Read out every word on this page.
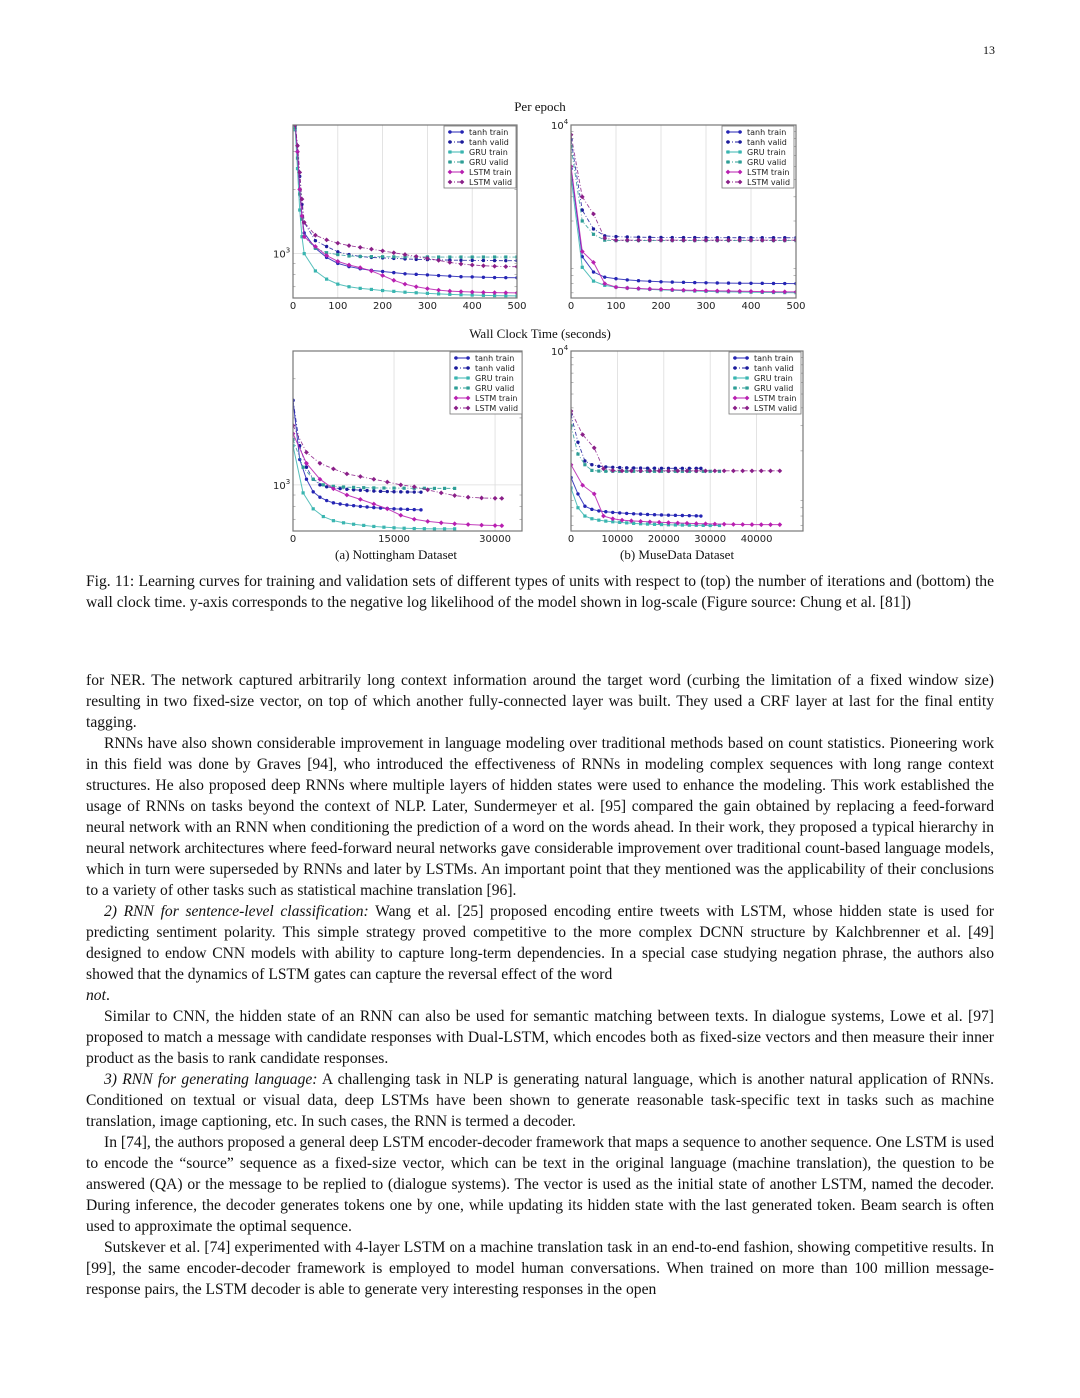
13
Per epoch
Wall Clock Time (seconds)
0	100	200	300	400	500
$10^3$
tanh train
tanh valid
GRU train
GRU valid
LSTM train
LSTM valid
0	100	200	300	400	500
$10^4$
tanh train
tanh valid
GRU train
GRU valid
LSTM train
LSTM valid
0	15000	30000
$10^3$
tanh train
tanh valid
GRU train
GRU valid
LSTM train
LSTM valid
0	10000 20000 30000 40000
$10^4$
tanh train
tanh valid
GRU train
GRU valid
LSTM train
LSTM valid
(a) Nottingham Dataset	(b) MuseData Dataset
Fig. 11: Learning curves for training and validation sets of different types of units with respect to (top) the number of iterations and (bottom) the wall clock time. y-axis corresponds to the negative log likelihood of the model shown in log-scale (Figure source: Chung et al. [81])

for NER. The network captured arbitrarily long context information around the target word (curbing the limitation of a fixed window size) resulting in two fixed-size vector, on top of which another fully-connected layer was built. They used a CRF layer at last for the final entity tagging.

RNNs have also shown considerable improvement in language modeling over traditional methods based on count statistics. Pioneering work in this field was done by Graves [94], who introduced the effectiveness of RNNs in modeling complex sequences with long range context structures. He also proposed deep RNNs where multiple layers of hidden states were used to enhance the modeling. This work established the usage of RNNs on tasks beyond the context of NLP. Later, Sundermeyer et al. [95] compared the gain obtained by replacing a feed-forward neural network with an RNN when conditioning the prediction of a word on the words ahead. In their work, they proposed a typical hierarchy in neural network architectures where feed-forward neural networks gave considerable improvement over traditional count-based language models, which in turn were superseded by RNNs and later by LSTMs. An important point that they mentioned was the applicability of their conclusions to a variety of other tasks such as statistical machine translation [96].

2) RNN for sentence-level classification: Wang et al. [25] proposed encoding entire tweets with LSTM, whose hidden state is used for predicting sentiment polarity. This simple strategy proved competitive to the more complex DCNN structure by Kalchbrenner et al. [49] designed to endow CNN models with ability to capture long-term dependencies. In a special case studying negation phrase, the authors also showed that the dynamics of LSTM gates can capture the reversal effect of the word
not.

Similar to CNN, the hidden state of an RNN can also be used for semantic matching between texts. In dialogue systems, Lowe et al. [97] proposed to match a message with candidate responses with Dual-LSTM, which encodes both as fixed-size vectors and then measure their inner product as the basis to rank candidate responses.

3) RNN for generating language: A challenging task in NLP is generating natural language, which is another natural application of RNNs. Conditioned on textual or visual data, deep LSTMs have been shown to generate reasonable task-specific text in tasks such as machine translation, image captioning, etc. In such cases, the RNN is termed a decoder.

In [74], the authors proposed a general deep LSTM encoder-decoder framework that maps a sequence to another sequence. One LSTM is used to encode the “source” sequence as a fixed-size vector, which can be text in the original language (machine translation), the question to be answered (QA) or the message to be replied to (dialogue systems). The vector is used as the initial state of another LSTM, named the decoder. During inference, the decoder generates tokens one by one, while updating its hidden state with the last generated token. Beam search is often used to approximate the optimal sequence.

Sutskever et al. [74] experimented with 4-layer LSTM on a machine translation task in an end-to-end fashion, showing competitive results. In [99], the same encoder-decoder framework is employed to model human conversations. When trained on more than 100 million message-response pairs, the LSTM decoder is able to generate very interesting responses in the open
